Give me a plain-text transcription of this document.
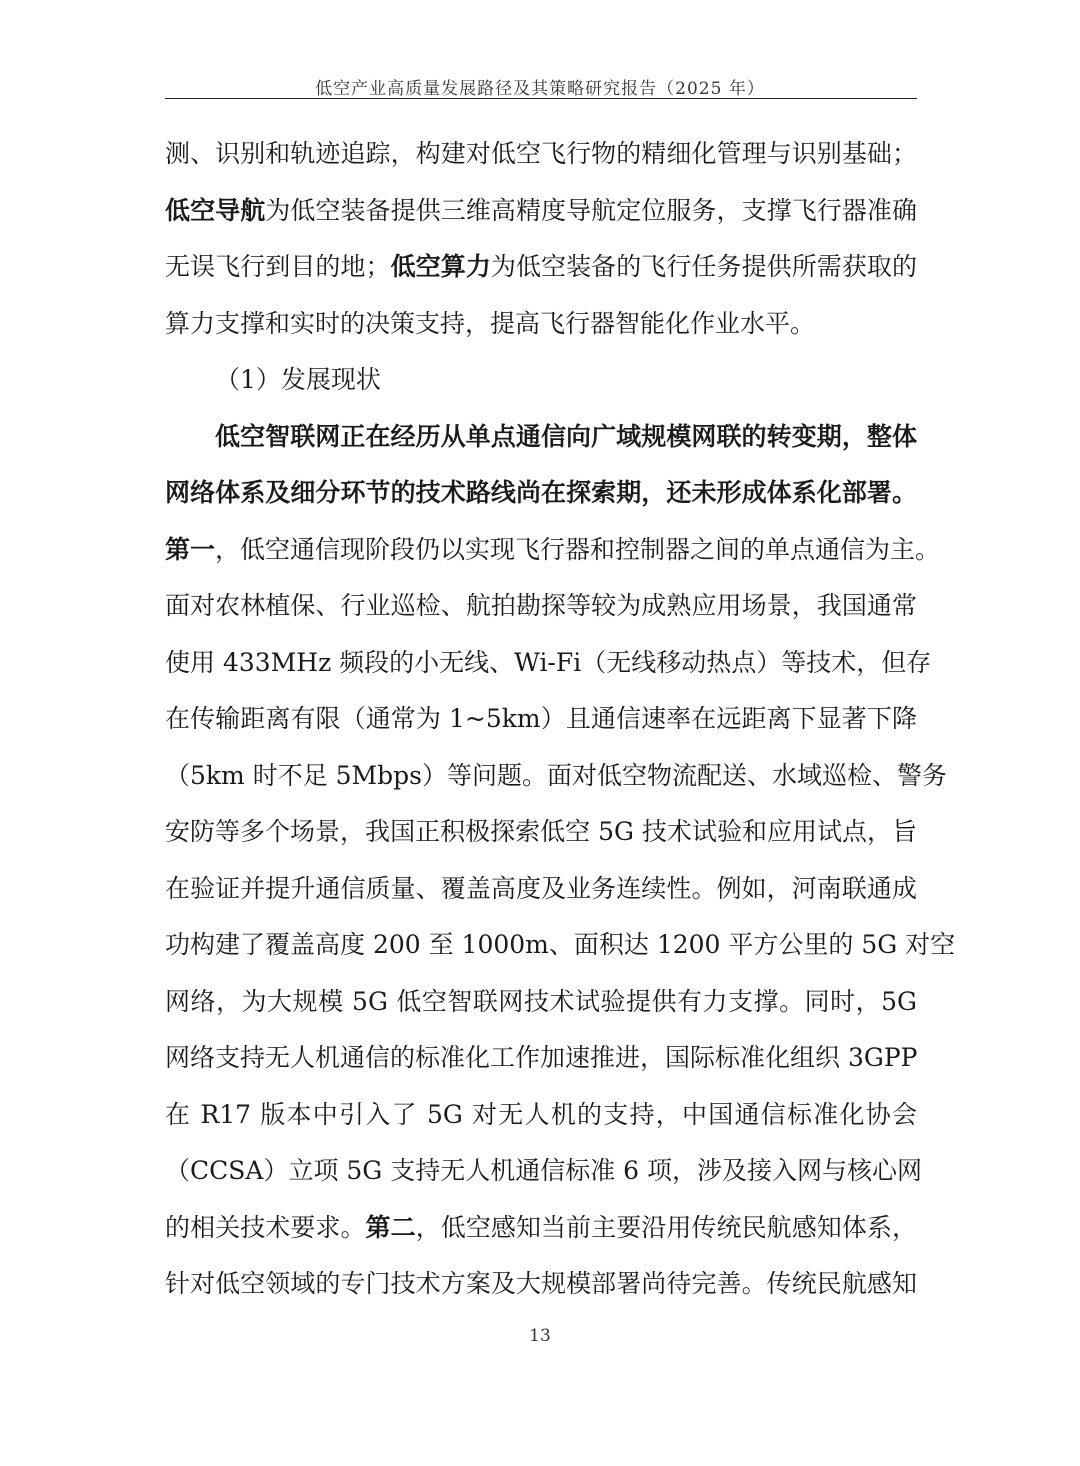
低空产业高质量发展路径及其策略研究报告（2025 年）
测、识别和轨迹追踪，构建对低空飞行物的精细化管理与识别基础；
低空导航为低空装备提供三维高精度导航定位服务，支撑飞行器准确
无误飞行到目的地；低空算力为低空装备的飞行任务提供所需获取的
算力支撑和实时的决策支持，提高飞行器智能化作业水平。
（1）发展现状
低空智联网正在经历从单点通信向广域规模网联的转变期，整体
网络体系及细分环节的技术路线尚在探索期，还未形成体系化部署。
第一，低空通信现阶段仍以实现飞行器和控制器之间的单点通信为主。
面对农林植保、行业巡检、航拍勘探等较为成熟应用场景，我国通常
使用 433MHz 频段的小无线、Wi-Fi（无线移动热点）等技术，但存
在传输距离有限（通常为 1~5km）且通信速率在远距离下显著下降
（5km 时不足 5Mbps）等问题。面对低空物流配送、水域巡检、警务
安防等多个场景，我国正积极探索低空 5G 技术试验和应用试点，旨
在验证并提升通信质量、覆盖高度及业务连续性。例如，河南联通成
功构建了覆盖高度 200 至 1000m、面积达 1200 平方公里的 5G 对空
网络，为大规模 5G 低空智联网技术试验提供有力支撑。同时，5G
网络支持无人机通信的标准化工作加速推进，国际标准化组织 3GPP
在 R17 版本中引入了 5G 对无人机的支持，中国通信标准化协会
（CCSA）立项 5G 支持无人机通信标准 6 项，涉及接入网与核心网
的相关技术要求。第二，低空感知当前主要沿用传统民航感知体系，
针对低空领域的专门技术方案及大规模部署尚待完善。传统民航感知
13
